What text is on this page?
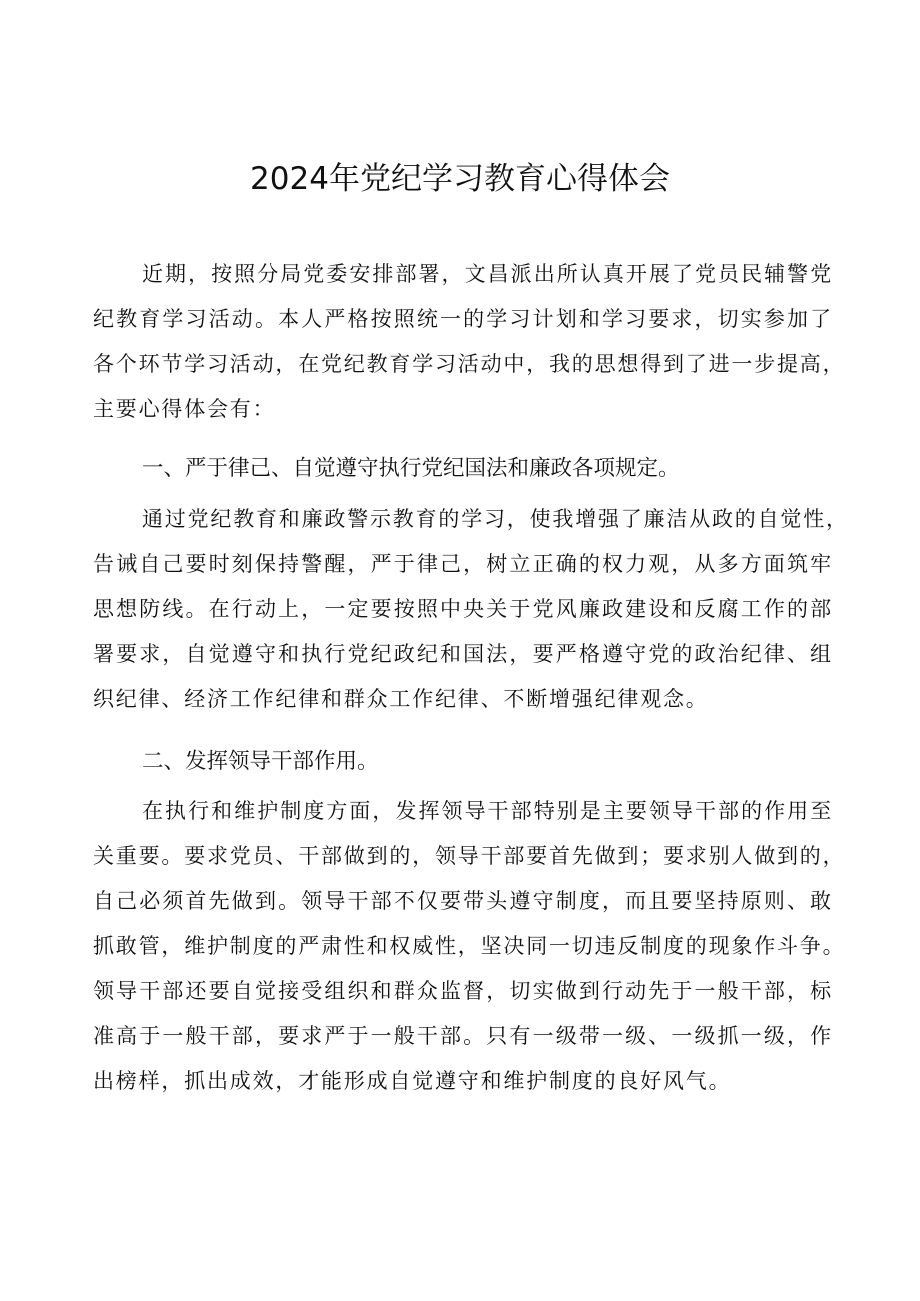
2024年党纪学习教育心得体会
近期，按照分局党委安排部署，文昌派出所认真开展了党员民辅警党
纪教育学习活动。本人严格按照统一的学习计划和学习要求，切实参加了
各个环节学习活动，在党纪教育学习活动中，我的思想得到了进一步提高，
主要心得体会有：
一、严于律己、自觉遵守执行党纪国法和廉政各项规定。
通过党纪教育和廉政警示教育的学习，使我增强了廉洁从政的自觉性，
告诫自己要时刻保持警醒，严于律己，树立正确的权力观，从多方面筑牢
思想防线。在行动上，一定要按照中央关于党风廉政建设和反腐工作的部
署要求，自觉遵守和执行党纪政纪和国法，要严格遵守党的政治纪律、组
织纪律、经济工作纪律和群众工作纪律、不断增强纪律观念。
二、发挥领导干部作用。
在执行和维护制度方面，发挥领导干部特别是主要领导干部的作用至
关重要。要求党员、干部做到的，领导干部要首先做到；要求别人做到的，
自己必须首先做到。领导干部不仅要带头遵守制度，而且要坚持原则、敢
抓敢管，维护制度的严肃性和权威性，坚决同一切违反制度的现象作斗争。
领导干部还要自觉接受组织和群众监督，切实做到行动先于一般干部，标
准高于一般干部，要求严于一般干部。只有一级带一级、一级抓一级，作
出榜样，抓出成效，才能形成自觉遵守和维护制度的良好风气。
